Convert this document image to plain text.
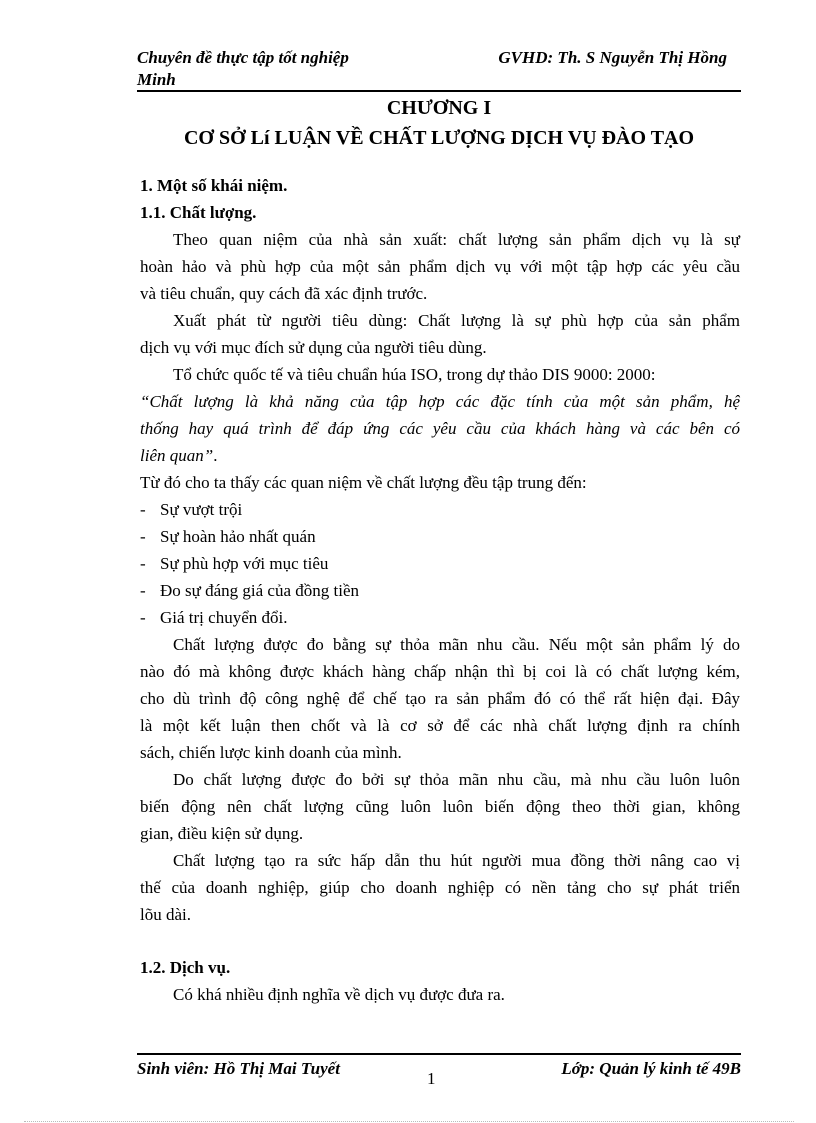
Chuyên đề thực tập tốt nghiệp	GVHD: Th. S Nguyễn Thị Hồng
Minh
CHƯƠNG I
CƠ SỞ Lí LUẬN VỀ CHẤT LƯỢNG DỊCH VỤ ĐÀO TẠO
1. Một số khái niệm.
1.1. Chất lượng.
Theo quan niệm của nhà sản xuất: chất lượng sản phẩm dịch vụ là sự
hoàn hảo và phù hợp của một sản phẩm dịch vụ với một tập hợp các yêu cầu
và tiêu chuẩn, quy cách đã xác định trước.
Xuất phát từ người tiêu dùng: Chất lượng là sự phù hợp của sản phẩm
dịch vụ với mục đích sử dụng của người tiêu dùng.
Tổ chức quốc tế và tiêu chuẩn húa ISO, trong dự thảo DIS 9000: 2000:
“Chất lượng là khả năng của tập hợp các đặc tính của một sản phẩm, hệ
thống hay quá trình để đáp ứng các yêu cầu của khách hàng và các bên có
liên quan”.
Từ đó cho ta thấy các quan niệm về chất lượng đều tập trung đến:
- Sự vượt trội
- Sự hoàn hảo nhất quán
- Sự phù hợp với mục tiêu
- Đo sự đáng giá của đồng tiền
- Giá trị chuyển đổi.
Chất lượng được đo bằng sự thỏa mãn nhu cầu. Nếu một sản phẩm lý do
nào đó mà không được khách hàng chấp nhận thì bị coi là có chất lượng kém,
cho dù trình độ công nghệ để chế tạo ra sản phẩm đó có thể rất hiện đại. Đây
là một kết luận then chốt và là cơ sở để các nhà chất lượng định ra chính
sách, chiến lược kinh doanh của mình.
Do chất lượng được đo bởi sự thỏa mãn nhu cầu, mà nhu cầu luôn luôn
biến động nên chất lượng cũng luôn luôn biến động theo thời gian, không
gian, điều kiện sử dụng.
Chất lượng tạo ra sức hấp dẫn thu hút người mua đồng thời nâng cao vị
thế của doanh nghiệp, giúp cho doanh nghiệp có nền tảng cho sự phát triển
lõu dài.
1.2. Dịch vụ.
Có khá nhiều định nghĩa về dịch vụ được đưa ra.
Sinh viên: Hồ Thị Mai Tuyết
1
Lớp: Quản lý kinh tế 49B
